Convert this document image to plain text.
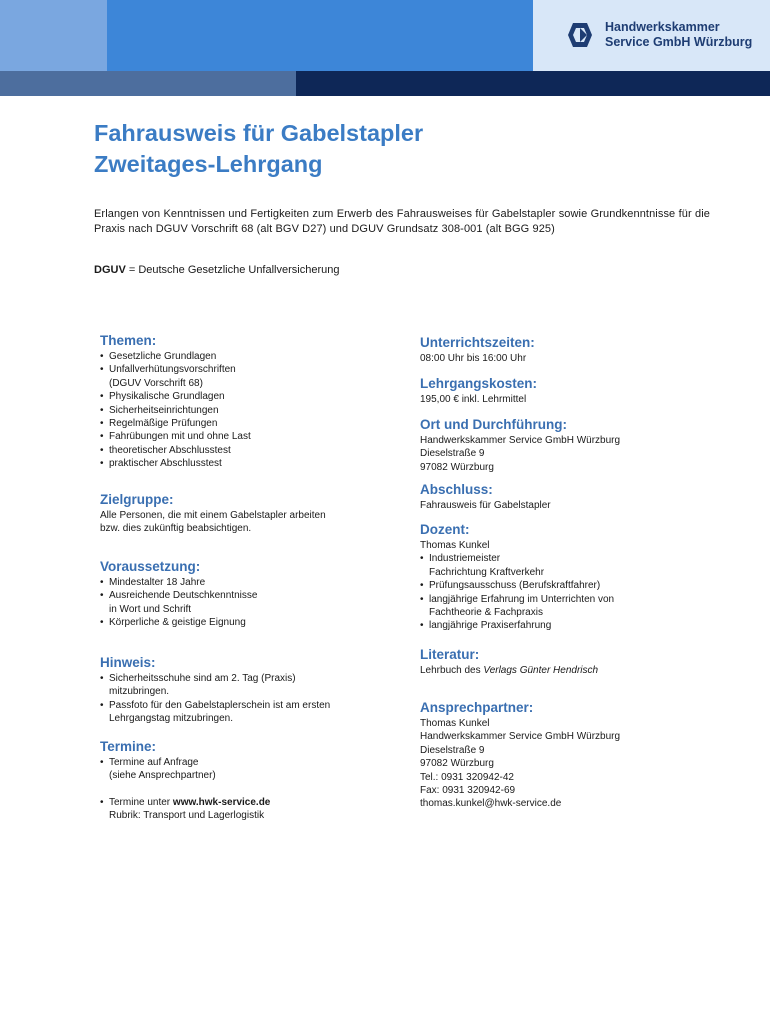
Handwerkskammer
Service GmbH Würzburg
Fahrausweis für Gabelstapler
Zweitages-Lehrgang

Erlangen von Kenntnissen und Fertigkeiten zum Erwerb des Fahrausweises für Gabelstapler sowie Grundkenntnisse für die Praxis nach DGUV Vorschrift 68 (alt BGV D27) und DGUV Grundsatz 308-001 (alt BGG 925)

DGUV = Deutsche Gesetzliche Unfallversicherung

Themen:
• Gesetzliche Grundlagen
• Unfallverhütungsvorschriften
(DGUV Vorschrift 68)
• Physikalische Grundlagen
• Sicherheitseinrichtungen
• Regelmäßige Prüfungen
• Fahrübungen mit und ohne Last
• theoretischer Abschlusstest
• praktischer Abschlusstest
Zielgruppe:

Alle Personen, die mit einem Gabelstapler arbeiten

bzw. dies zukünftig beabsichtigen.

Voraussetzung:
• Mindestalter 18 Jahre
• Ausreichende Deutschkenntnisse
in Wort und Schrift
• Körperliche & geistige Eignung
Hinweis:
• Sicherheitsschuhe sind am 2. Tag (Praxis)
mitzubringen.
• Passfoto für den Gabelstaplerschein ist am ersten
Lehrgangstag mitzubringen.
Termine:
• Termine auf Anfrage
(siehe Ansprechpartner)
• Termine unter www.hwk-service.de
Rubrik: Transport und Lagerlogistik
Unterrichtszeiten:

08:00 Uhr bis 16:00 Uhr

Lehrgangskosten:

195,00 € inkl. Lehrmittel

Ort und Durchführung:

Handwerkskammer Service GmbH Würzburg

Dieselstraße 9

97082 Würzburg

Abschluss:

Fahrausweis für Gabelstapler

Dozent:

Thomas Kunkel

• Industriemeister
Fachrichtung Kraftverkehr
• Prüfungsausschuss (Berufskraftfahrer)
• langjährige Erfahrung im Unterrichten von
Fachtheorie & Fachpraxis
• langjährige Praxiserfahrung
Literatur:

Lehrbuch des Verlags Günter Hendrisch

Ansprechpartner:

Thomas Kunkel

Handwerkskammer Service GmbH Würzburg

Dieselstraße 9

97082 Würzburg

Tel.: 0931 320942-42

Fax: 0931 320942-69

thomas.kunkel@hwk-service.de
